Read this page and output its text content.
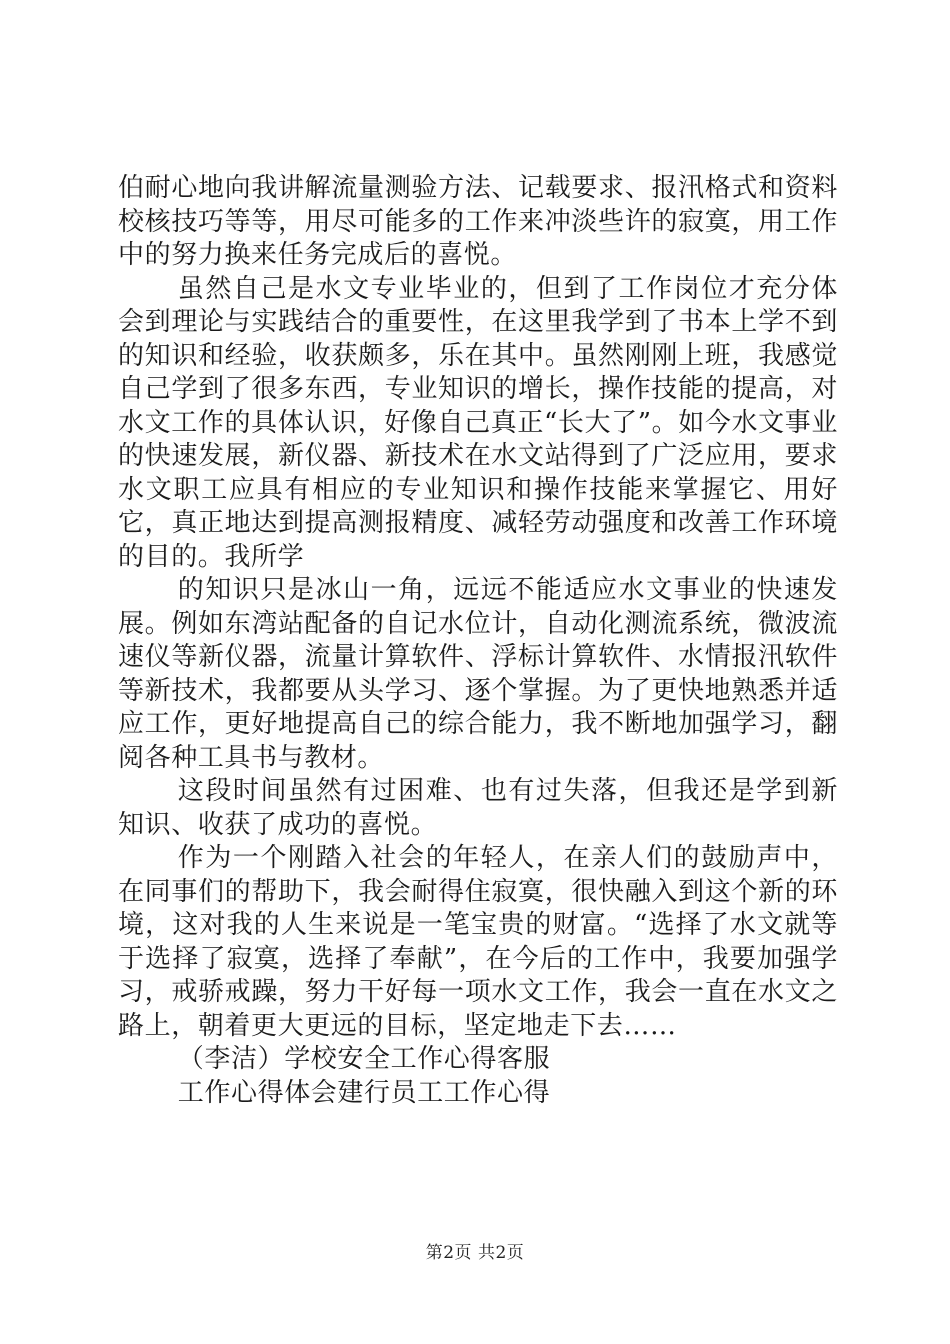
伯耐心地向我讲解流量测验方法、记载要求、报汛格式和资料校核技巧等等，用尽可能多的工作来冲淡些许的寂寞，用工作中的努力换来任务完成后的喜悦。

虽然自己是水文专业毕业的，但到了工作岗位才充分体会到理论与实践结合的重要性，在这里我学到了书本上学不到的知识和经验，收获颇多，乐在其中。虽然刚刚上班，我感觉自己学到了很多东西，专业知识的增长，操作技能的提高，对水文工作的具体认识，好像自己真正“长大了”。如今水文事业的快速发展，新仪器、新技术在水文站得到了广泛应用，要求水文职工应具有相应的专业知识和操作技能来掌握它、用好它，真正地达到提高测报精度、减轻劳动强度和改善工作环境的目的。我所学

的知识只是冰山一角，远远不能适应水文事业的快速发展。例如东湾站配备的自记水位计，自动化测流系统，微波流速仪等新仪器，流量计算软件、浮标计算软件、水情报汛软件等新技术，我都要从头学习、逐个掌握。为了更快地熟悉并适应工作，更好地提高自己的综合能力，我不断地加强学习，翻阅各种工具书与教材。

这段时间虽然有过困难、也有过失落，但我还是学到新知识、收获了成功的喜悦。

作为一个刚踏入社会的年轻人，在亲人们的鼓励声中，在同事们的帮助下，我会耐得住寂寞，很快融入到这个新的环境，这对我的人生来说是一笔宝贵的财富。“选择了水文就等于选择了寂寞，选择了奉献”，在今后的工作中，我要加强学习，戒骄戒躁，努力干好每一项水文工作，我会一直在水文之路上，朝着更大更远的目标，坚定地走下去……

（李洁）学校安全工作心得客服

工作心得体会建行员工工作心得

第2页 共2页
